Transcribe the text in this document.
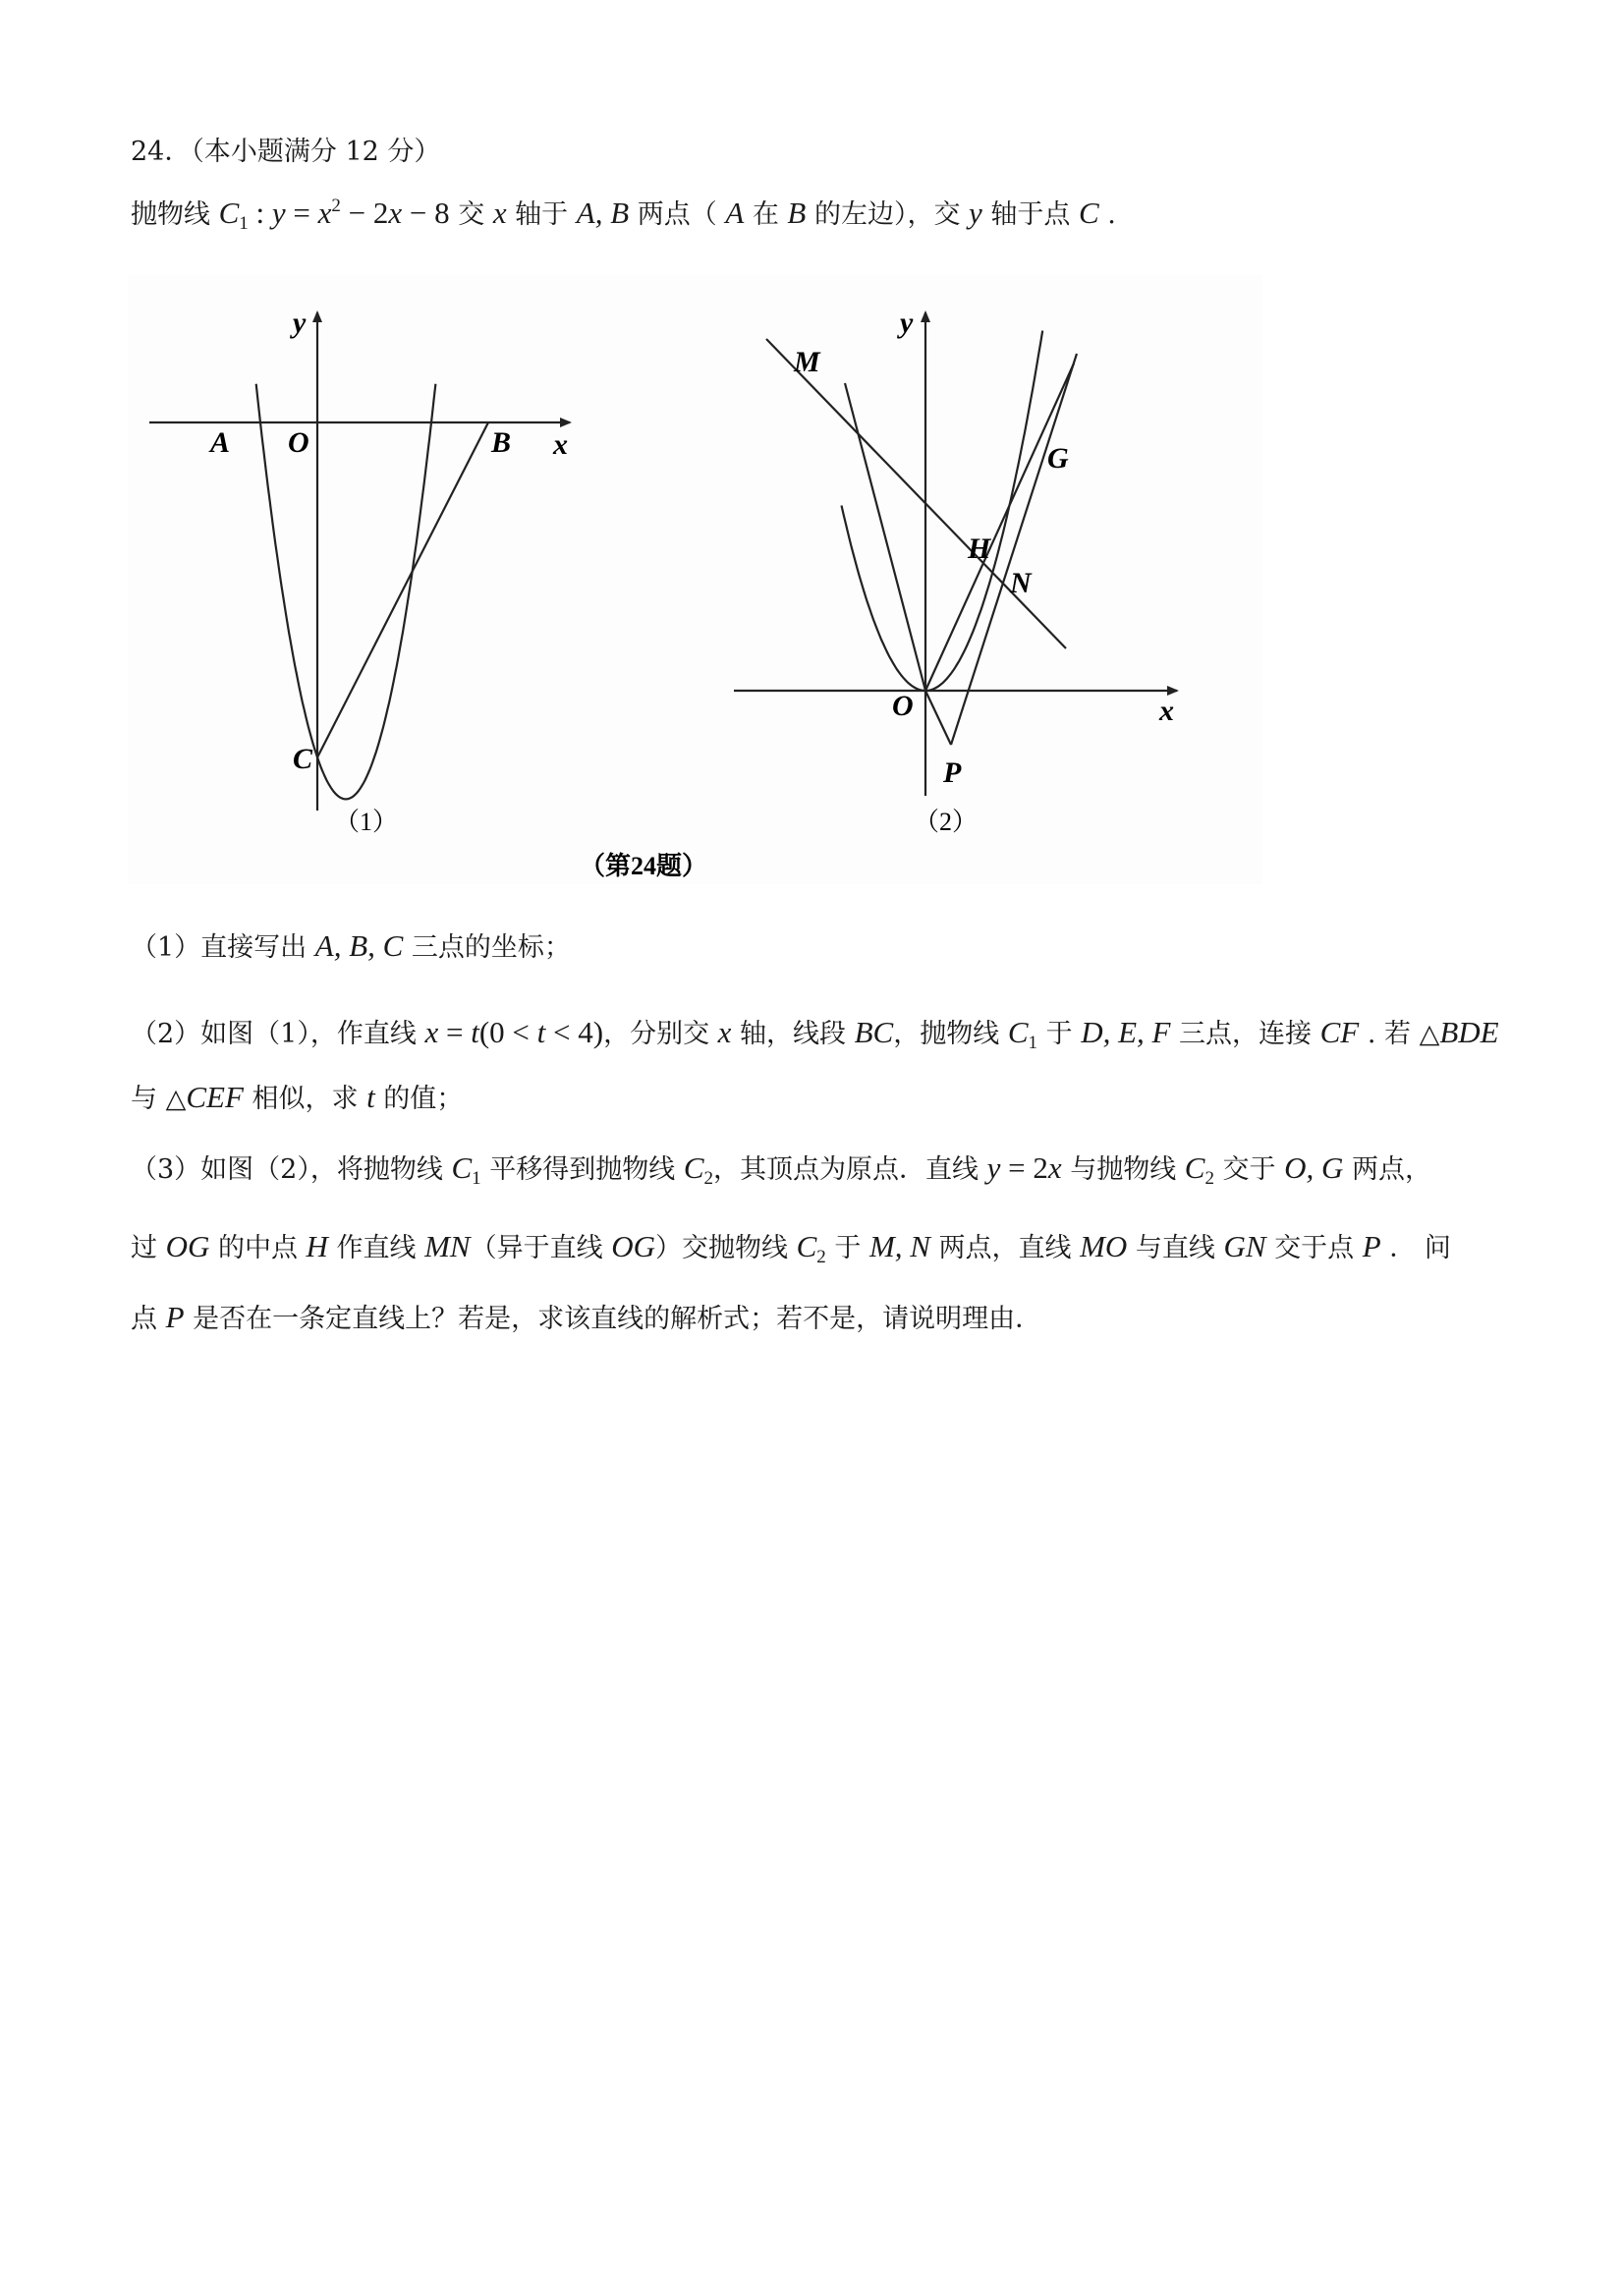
24．（本小题满分 12 分）
抛物线 $C_1$ : $y = x^2 - 2x - 8$ 交 x 轴于 A, B 两点（ A 在 B 的左边），交 y 轴于点 C .
y
x
A O	B
C
（1）
y
x
M
G
H
N
O
P
（2）
（第24题）
（1）直接写出 A, B, C 三点的坐标；
（2）如图（1），作直线 x = t(0 < t < 4)，分别交 x 轴，线段 BC，抛物线 $C_1$ 于 D, E, F 三点，连接 CF . 若 △BDE
与 △CEF 相似，求 t 的值；
（3）如图（2），将抛物线 $C_1$ 平移得到抛物线 $C_2$，其顶点为原点．直线 y = 2x 与抛物线 $C_2$ 交于 O, G 两点，
过 OG 的中点 H 作直线 MN（异于直线 OG）交抛物线 $C_2$ 于 M, N 两点，直线 MO 与直线 GN 交于点 P ． 问
点 P 是否在一条定直线上？若是，求该直线的解析式；若不是，请说明理由．
